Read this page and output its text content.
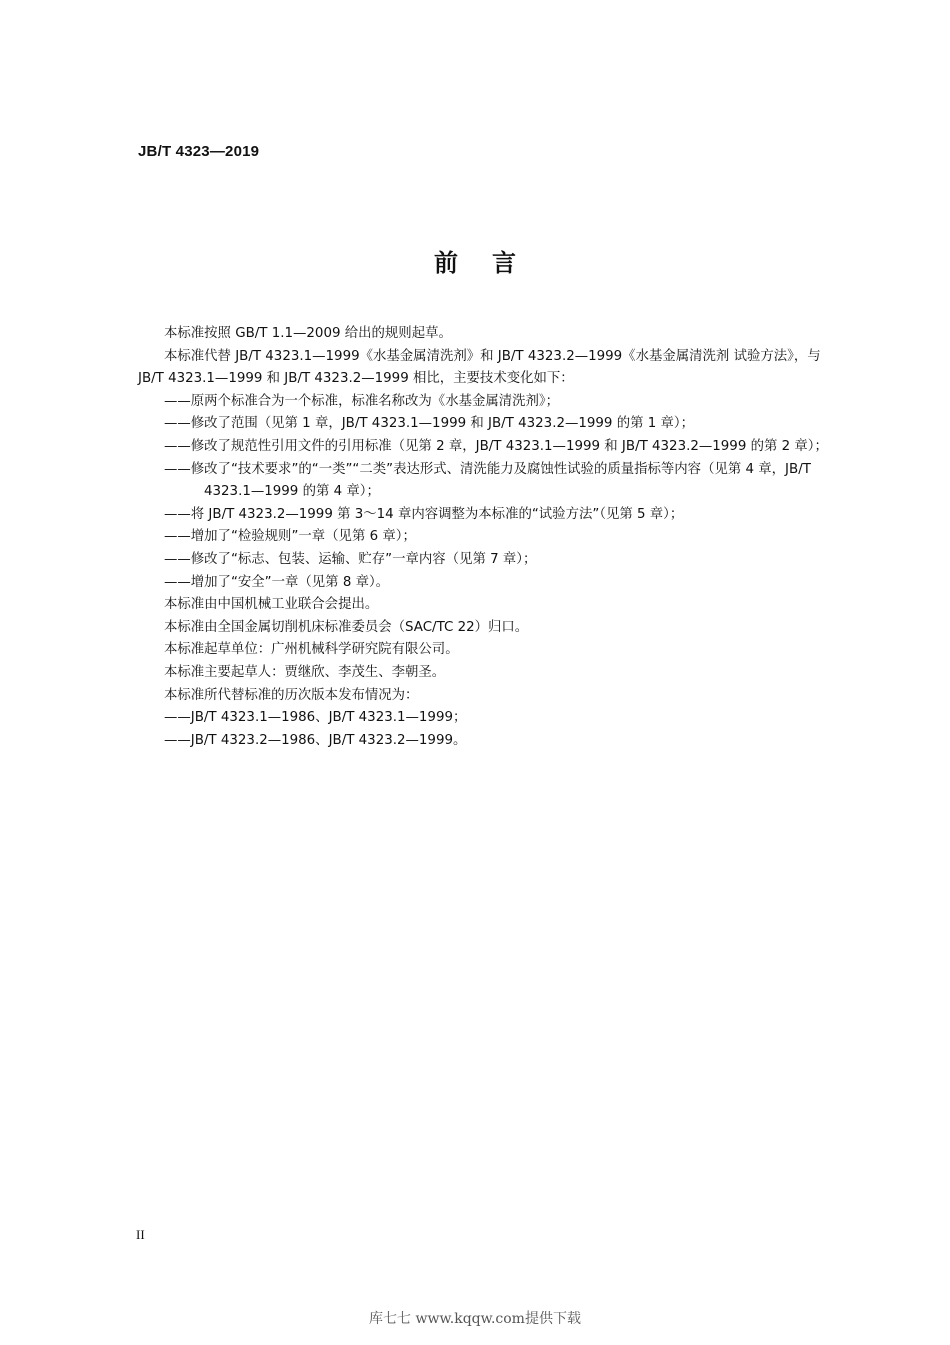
JB/T 4323—2019
前言

本标准按照 GB/T 1.1—2009 给出的规则起草。

本标准代替 JB/T 4323.1—1999《水基金属清洗剂》和 JB/T 4323.2—1999《水基金属清洗剂 试验方法》，与 JB/T 4323.1—1999 和 JB/T 4323.2—1999 相比，主要技术变化如下：

——原两个标准合为一个标准，标准名称改为《水基金属清洗剂》；

——修改了范围（见第 1 章，JB/T 4323.1—1999 和 JB/T 4323.2—1999 的第 1 章）；

——修改了规范性引用文件的引用标准（见第 2 章，JB/T 4323.1—1999 和 JB/T 4323.2—1999 的第 2 章）；

——修改了“技术要求”的“一类”“二类”表达形式、清洗能力及腐蚀性试验的质量指标等内容（见第 4 章，JB/T 4323.1—1999 的第 4 章）；

——将 JB/T 4323.2—1999 第 3～14 章内容调整为本标准的“试验方法”（见第 5 章）；

——增加了“检验规则”一章（见第 6 章）；

——修改了“标志、包装、运输、贮存”一章内容（见第 7 章）；

——增加了“安全”一章（见第 8 章）。

本标准由中国机械工业联合会提出。

本标准由全国金属切削机床标准委员会（SAC/TC 22）归口。

本标准起草单位：广州机械科学研究院有限公司。

本标准主要起草人：贾继欣、李茂生、李朝圣。

本标准所代替标准的历次版本发布情况为：

——JB/T 4323.1—1986、JB/T 4323.1—1999；

——JB/T 4323.2—1986、JB/T 4323.2—1999。

II
库七七 www.kqqw.com提供下载
